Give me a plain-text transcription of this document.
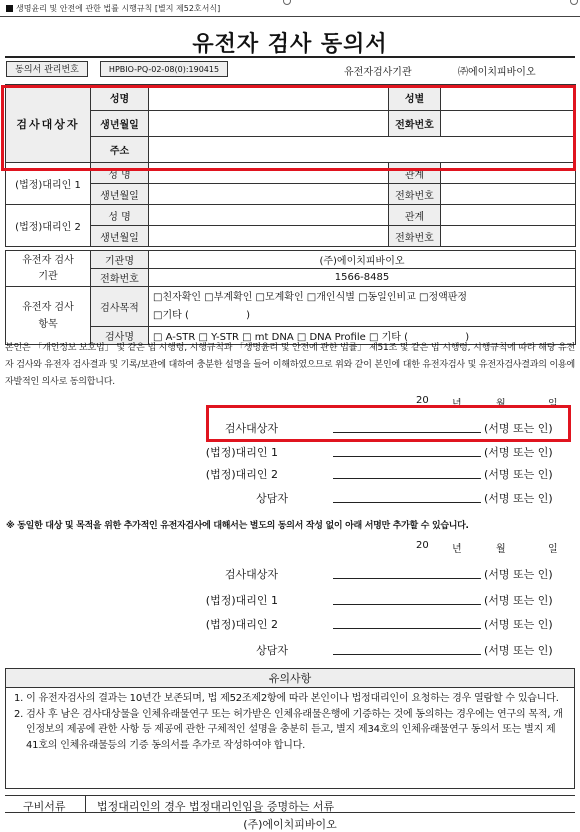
생명윤리 및 안전에 관한 법률 시행규칙 [별지 제52호서식]
유전자 검사 동의서
동의서 관리번호	HPBIO-PQ-02-08(0):190415	유전자검사기관	㈜에이치피바이오
검사대상자	성명		성별	
	생년월일		전화번호	
	주소			
(법정)대리인 1	성 명		관계	
	생년월일		전화번호	
(법정)대리인 2	성 명		관계	
	생년월일		전화번호	

유전자 검사기관	기관명	(주)에이치피바이오		
	전화번호	1566-8485		
유전자 검사항목	검사목적	□친자확인 □부계확인 □모계확인 □개인식별 □동일인비교 □정액판정
□기타 (                  )		

	검사명	□ A-STR □ Y-STR □ mt DNA □ DNA Profile □ 기타 (                  )		
본인은 「개인정보 보호법」 및 같은 법 시행령, 시행규칙과 「생명윤리 및 안전에 관한 법률」 제51조 및 같은 법 시행령, 시행규칙에 따라 해당 유전자 검사와 유전자 검사결과 및 기록/보관에 대하여 충분한 설명을 들어 이해하였으므로 위와 같이 본인에 대한 유전자검사 및 유전자검사결과의 이용에 자발적인 의사로 동의합니다.
20 년	월	일
검사대상자	(서명 또는 인)
(법정)대리인 1	(서명 또는 인)
(법정)대리인 2	(서명 또는 인)
상담자	(서명 또는 인)
※ 동일한 대상 및 목적을 위한 추가적인 유전자검사에 대해서는 별도의 동의서 작성 없이 아래 서명만 추가할 수 있습니다.
20 년	월	일
검사대상자	(서명 또는 인)
(법정)대리인 1	(서명 또는 인)
(법정)대리인 2	(서명 또는 인)
상담자	(서명 또는 인)
유의사항
1. 이 유전자검사의 결과는 10년간 보존되며, 법 제52조제2항에 따라 본인이나 법정대리인이 요청하는 경우 열람할 수 있습니다.
2. 검사 후 남은 검사대상물을 인체유래물연구 또는 허가받은 인체유래물은행에 기증하는 것에 동의하는 경우에는 연구의 목적, 개인정보의 제공에 관한 사항 등 제공에 관한 구체적인 설명을 충분히 듣고, 별지 제34호의 인체유래물연구 동의서 또는 별지 제41호의 인체유래물등의 기증 동의서를 추가로 작성하여야 합니다.
구비서류	법정대리인의 경우 법정대리인임을 증명하는 서류
(주)에이치피바이오
